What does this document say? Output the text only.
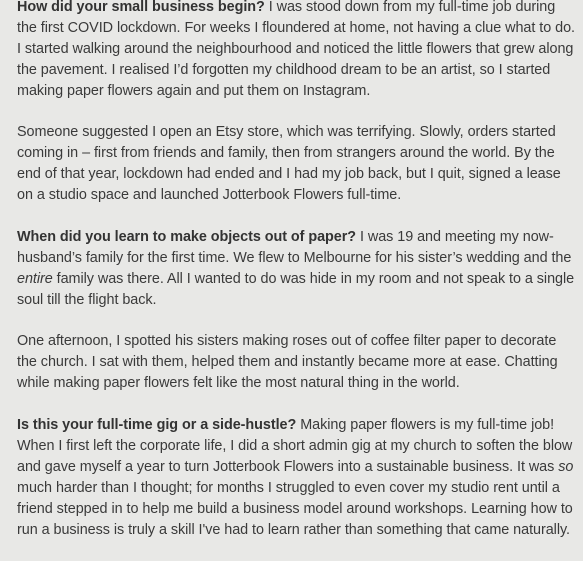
How did your small business begin? I was stood down from my full-time job during the first COVID lockdown. For weeks I floundered at home, not having a clue what to do. I started walking around the neighbourhood and noticed the little flowers that grew along the pavement. I realised I’d forgotten my childhood dream to be an artist, so I started making paper flowers again and put them on Instagram.

Someone suggested I open an Etsy store, which was terrifying. Slowly, orders started coming in – first from friends and family, then from strangers around the world. By the end of that year, lockdown had ended and I had my job back, but I quit, signed a lease on a studio space and launched Jotterbook Flowers full-time.

When did you learn to make objects out of paper? I was 19 and meeting my now-husband’s family for the first time. We flew to Melbourne for his sister’s wedding and the entire family was there. All I wanted to do was hide in my room and not speak to a single soul till the flight back.

One afternoon, I spotted his sisters making roses out of coffee filter paper to decorate the church. I sat with them, helped them and instantly became more at ease. Chatting while making paper flowers felt like the most natural thing in the world.

Is this your full-time gig or a side-hustle? Making paper flowers is my full-time job! When I first left the corporate life, I did a short admin gig at my church to soften the blow and gave myself a year to turn Jotterbook Flowers into a sustainable business. It was so much harder than I thought; for months I struggled to even cover my studio rent until a friend stepped in to help me build a business model around workshops. Learning how to run a business is truly a skill I've had to learn rather than something that came naturally.
